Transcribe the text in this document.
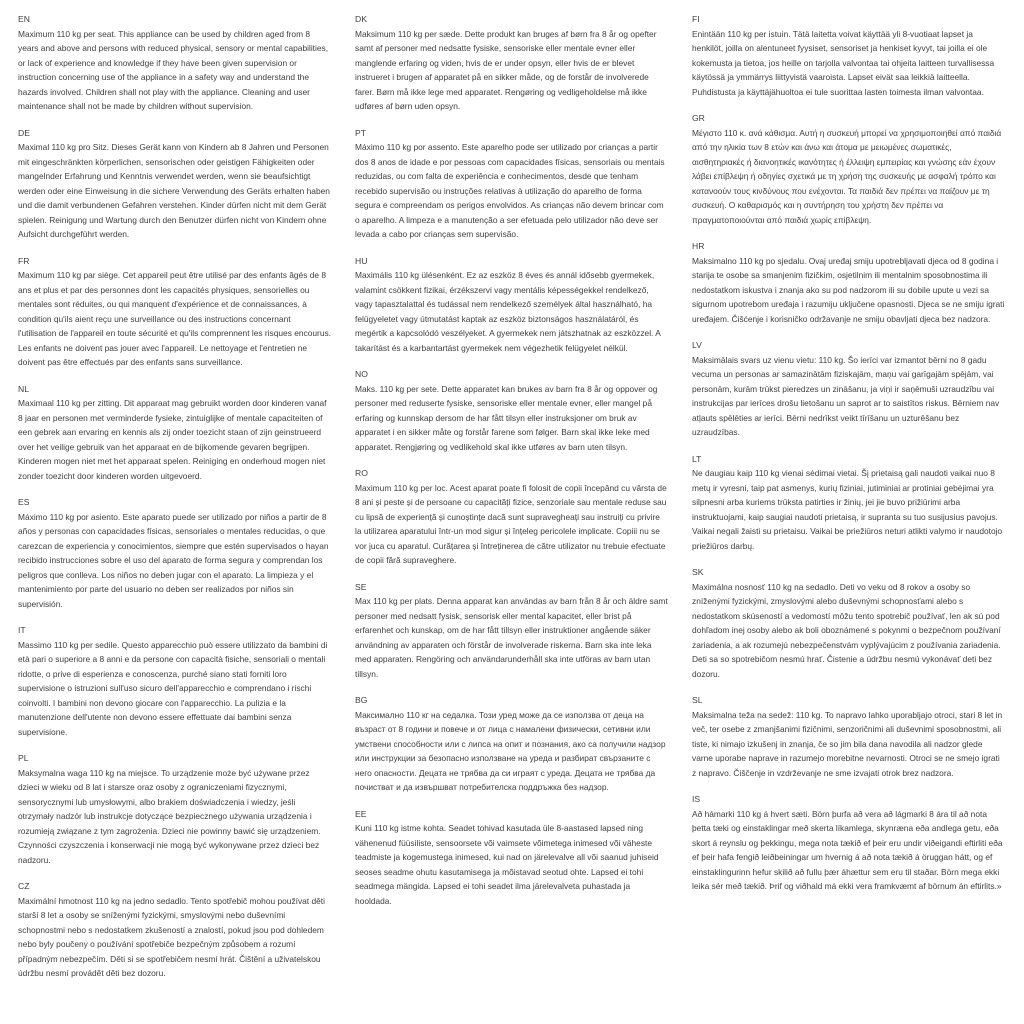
EN

Maximum 110 kg per seat. This appliance can be used by children aged from 8 years and above and persons with reduced physical, sensory or mental capabilities, or lack of experience and knowledge if they have been given supervision or instruction concerning use of the appliance in a safety way and understand the hazards involved. Children shall not play with the appliance. Cleaning and user maintenance shall not be made by children without supervision.

DE

Maximal 110 kg pro Sitz. Dieses Gerät kann von Kindern ab 8 Jahren und Personen mit eingeschränkten körperlichen, sensorischen oder geistigen Fähigkeiten oder mangelnder Erfahrung und Kenntnis verwendet werden, wenn sie beaufsichtigt werden oder eine Einweisung in die sichere Verwendung des Geräts erhalten haben und die damit verbundenen Gefahren verstehen. Kinder dürfen nicht mit dem Gerät spielen. Reinigung und Wartung durch den Benutzer dürfen nicht von Kindern ohne Aufsicht durchgeführt werden.

FR

Maximum 110 kg par siège. Cet appareil peut être utilisé par des enfants âgés de 8 ans et plus et par des personnes dont les capacités physiques, sensorielles ou mentales sont réduites, ou qui manquent d'expérience et de connaissances, à condition qu'ils aient reçu une surveillance ou des instructions concernant l'utilisation de l'appareil en toute sécurité et qu'ils comprennent les risques encourus. Les enfants ne doivent pas jouer avec l'appareil. Le nettoyage et l'entretien ne doivent pas être effectués par des enfants sans surveillance.

NL

Maximaal 110 kg per zitting. Dit apparaat mag gebruikt worden door kinderen vanaf 8 jaar en personen met verminderde fysieke, zintuiglijke of mentale capaciteiten of een gebrek aan ervaring en kennis als zij onder toezicht staan of zijn geinstrueerd over het veilige gebruik van het apparaat en de bijkomende gevaren begrijpen. Kinderen mogen niet met het apparaat spelen. Reiniging en onderhoud mogen niet zonder toezicht door kinderen worden uitgevoerd.

ES

Máximo 110 kg por asiento. Este aparato puede ser utilizado por niños a partir de 8 años y personas con capacidades físicas, sensoriales o mentales reducidas, o que carezcan de experiencia y conocimientos, siempre que estén supervisados o hayan recibido instrucciones sobre el uso del aparato de forma segura y comprendan los peligros que conlleva. Los niños no deben jugar con el aparato. La limpieza y el mantenimiento por parte del usuario no deben ser realizados por niños sin supervisión.

IT

Massimo 110 kg per sedile. Questo apparecchio può essere utilizzato da bambini di età pari o superiore a 8 anni e da persone con capacità fisiche, sensoriali o mentali ridotte, o prive di esperienza e conoscenza, purché siano stati forniti loro supervisione o istruzioni sull'uso sicuro dell'apparecchio e comprendano i rischi coinvolti. I bambini non devono giocare con l'apparecchio. La pulizia e la manutenzione dell'utente non devono essere effettuate dai bambini senza supervisione.

PL

Maksymalna waga 110 kg na miejsce. To urządzenie może być używane przez dzieci w wieku od 8 lat i starsze oraz osoby z ograniczeniami fizycznymi, sensorycznymi lub umysłowymi, albo brakiem doświadczenia i wiedzy, jeśli otrzymały nadzór lub instrukcje dotyczące bezpiecznego używania urządzenia i rozumieją związane z tym zagrożenia. Dzieci nie powinny bawić się urządzeniem. Czynności czyszczenia i konserwacji nie mogą być wykonywane przez dzieci bez nadzoru.

CZ

Maximální hmotnost 110 kg na jedno sedadlo. Tento spotřebič mohou používat děti starší 8 let a osoby se sníženými fyzickými, smyslovými nebo duševními schopnostmi nebo s nedostatkem zkušeností a znalostí, pokud jsou pod dohledem nebo byly poučeny o používání spotřebiče bezpečným způsobem a rozumí případným nebezpečím. Děti si se spotřebičem nesmí hrát. Čištění a uživatelskou údržbu nesmí provádět děti bez dozoru.

DK

Maksimum 110 kg per sæde. Dette produkt kan bruges af børn fra 8 år og opefter samt af personer med nedsatte fysiske, sensoriske eller mentale evner eller manglende erfaring og viden, hvis de er under opsyn, eller hvis de er blevet instrueret i brugen af apparatet på en sikker måde, og de forstår de involverede farer. Børn må ikke lege med apparatet. Rengøring og vedligeholdelse må ikke udføres af børn uden opsyn.

PT

Máximo 110 kg por assento. Este aparelho pode ser utilizado por crianças a partir dos 8 anos de idade e por pessoas com capacidades físicas, sensoriais ou mentais reduzidas, ou com falta de experiência e conhecimentos, desde que tenham recebido supervisão ou instruções relativas à utilização do aparelho de forma segura e compreendam os perigos envolvidos. As crianças não devem brincar com o aparelho. A limpeza e a manutenção a ser efetuada pelo utilizador não deve ser levada a cabo por crianças sem supervisão.

HU

Maximális 110 kg ülésenként. Ez az eszköz 8 éves és annál idősebb gyermekek, valamint csökkent fizikai, érzékszervi vagy mentális képességekkel rendelkező, vagy tapasztalattal és tudással nem rendelkező személyek által használható, ha felügyeletet vagy útmutatást kaptak az eszköz biztonságos használatáról, és megértik a kapcsolódó veszélyeket. A gyermekek nem játszhatnak az eszközzel. A takarítást és a karbantartást gyermekek nem végezhetik felügyelet nélkül.

NO

Maks. 110 kg per sete. Dette apparatet kan brukes av barn fra 8 år og oppover og personer med reduserte fysiske, sensoriske eller mentale evner, eller mangel på erfaring og kunnskap dersom de har fått tilsyn eller instruksjoner om bruk av apparatet i en sikker måte og forstår farene som følger. Barn skal ikke leke med apparatet. Rengjøring og vedlikehold skal ikke utføres av barn uten tilsyn.

RO

Maximum 110 kg per loc. Acest aparat poate fi folosit de copii începând cu vârsta de 8 ani și peste și de persoane cu capacități fizice, senzoriale sau mentale reduse sau cu lipsă de experiență și cunoștințe dacă sunt supravegheați sau instruiți cu privire la utilizarea aparatului într-un mod sigur și înțeleg pericolele implicate. Copiii nu se vor juca cu aparatul. Curățarea și întreținerea de către utilizator nu trebuie efectuate de copii fără supraveghere.

SE

Max 110 kg per plats. Denna apparat kan användas av barn från 8 år och äldre samt personer med nedsatt fysisk, sensorisk eller mental kapacitet, eller brist på erfarenhet och kunskap, om de har fått tillsyn eller instruktioner angående säker användning av apparaten och förstår de involverade riskerna. Barn ska inte leka med apparaten. Rengöring och användarunderhåll ska inte utföras av barn utan tillsyn.

BG

Максимално 110 кг на седалка. Този уред може да се използва от деца на възраст от 8 години и повече и от лица с намалени физически, сетивни или умствени способности или с липса на опит и познания, ако са получили надзор или инструкции за безопасно използване на уреда и разбират свързаните с него опасности. Децата не трябва да си играят с уреда. Децата не трябва да почистват и да извършват потребителска поддръжка без надзор.

EE

Kuni 110 kg istme kohta. Seadet tohivad kasutada üle 8-aastased lapsed ning vähenenud füüsiliste, sensoorsete või vaimsete võimetega inimesed või väheste teadmiste ja kogemustega inimesed, kui nad on järelevalve all või saanud juhiseid seoses seadme ohutu kasutamisega ja mõistavad seotud ohte. Lapsed ei tohi seadmega mängida. Lapsed ei tohi seadet ilma järelevalveta puhastada ja hooldada.

FI

Enintään 110 kg per istuin. Tätä laitetta voivat käyttää yli 8-vuotiaat lapset ja henkilöt, joilla on alentuneet fyysiset, sensoriset ja henkiset kyvyt, tai joilla ei ole kokemusta ja tietoa, jos heille on tarjolla valvontaa tai ohjeita laitteen turvallisessa käytössä ja ymmärrys liittyvistä vaaroista. Lapset eivät saa leikkiä laitteella. Puhdistusta ja käyttäjähuoltoa ei tule suorittaa lasten toimesta ilman valvontaa.

GR

Μέγιστο 110 κ. ανά κάθισμα. Αυτή η συσκευή μπορεί να χρησιμοποιηθεί από παιδιά από την ηλικία των 8 ετών και άνω και άτομα με μειωμένες σωματικές, αισθητηριακές ή διανοητικές ικανότητες ή έλλειψη εμπειρίας και γνώσης εάν έχουν λάβει επίβλεψη ή οδηγίες σχετικά με τη χρήση της συσκευής με ασφαλή τρόπο και κατανοούν τους κινδύνους που ενέχονται. Τα παιδιά δεν πρέπει να παίζουν με τη συσκευή. Ο καθαρισμός και η συντήρηση του χρήστη δεν πρέπει να πραγματοποιούνται από παιδιά χωρίς επίβλεψη.

HR

Maksimalno 110 kg po sjedalu. Ovaj uređaj smiju upotrebljavati djeca od 8 godina i starija te osobe sa smanjenim fizičkim, osjetilnim ili mentalnim sposobnostima ili nedostatkom iskustva i znanja ako su pod nadzorom ili su dobile upute u vezi sa sigurnom upotrebom uređaja i razumiju uključene opasnosti. Djeca se ne smiju igrati uređajem. Čišćenje i korisničko održavanje ne smiju obavljati djeca bez nadzora.

LV

Maksimālais svars uz vienu vietu: 110 kg. Šo ierīci var izmantot bērni no 8 gadu vecuma un personas ar samazinātām fiziskajām, maņu vai garīgajām spējām, vai personām, kurām trūkst pieredzes un zināšanu, ja viņi ir saņēmuši uzraudzību vai instrukcijas par ierīces drošu lietošanu un saprot ar to saistītos riskus. Bērniem nav atļauts spēlēties ar ierīci. Bērni nedrīkst veikt tīrīšanu un uzturēšanu bez uzraudzības.

LT

Ne daugiau kaip 110 kg vienai sėdimai vietai. Šį prietaisą gali naudoti vaikai nuo 8 metų ir vyresni, taip pat asmenys, kurių fiziniai, jutiminiai ar protiniai gebėjimai yra silpnesni arba kuriems trūksta patirties ir žinių, jei jie buvo prižiūrimi arba instruktuojami, kaip saugiai naudoti prietaisą, ir supranta su tuo susijusius pavojus. Vaikai negali žaisti su prietaisu. Vaikai be priežiūros neturi atlikti valymo ir naudotojo priežiūros darbų.

SK

Maximálna nosnosť 110 kg na sedadlo. Deti vo veku od 8 rokov a osoby so zníženými fyzickými, zmyslovými alebo duševnými schopnosťami alebo s nedostatkom skúseností a vedomostí môžu tento spotrebič používať, len ak sú pod dohľadom inej osoby alebo ak boli oboznámené s pokynmi o bezpečnom používaní zariadenia, a ak rozumejú nebezpečenstvám vyplývajúcim z používania zariadenia. Deti sa so spotrebičom nesmú hrať. Čistenie a údržbu nesmú vykonávať deti bez dozoru.

SL

Maksimalna teža na sedež: 110 kg. To napravo lahko uporabljajo otroci, stari 8 let in več, ter osebe z zmanjšanimi fizičnimi, senzoričnimi ali duševnimi sposobnostmi, ali tiste, ki nimajo izkušenj in znanja, če so jim bila dana navodila ali nadzor glede varne uporabe naprave in razumejo morebitne nevarnosti. Otroci se ne smejo igrati z napravo. Čiščenje in vzdrževanje ne sme izvajati otrok brez nadzora.

IS

Að hámarki 110 kg á hvert sæti. Börn þurfa að vera að lágmarki 8 ára til að nota þetta tæki og einstaklingar með skerta líkamlega, skynræna eða andlega getu, eða skort á reynslu og þekkingu, mega nota tækið ef þeir eru undir viðeigandi eftirliti eða ef þeir hafa fengið leiðbeiningar um hvernig á að nota tækið á öruggan hátt, og ef einstaklingurinn hefur skilið að fullu þær áhættur sem eru til staðar. Börn mega ekki leika sér með tækið. Þrif og viðhald má ekki vera framkvæmt af börnum án eftirlits.»
